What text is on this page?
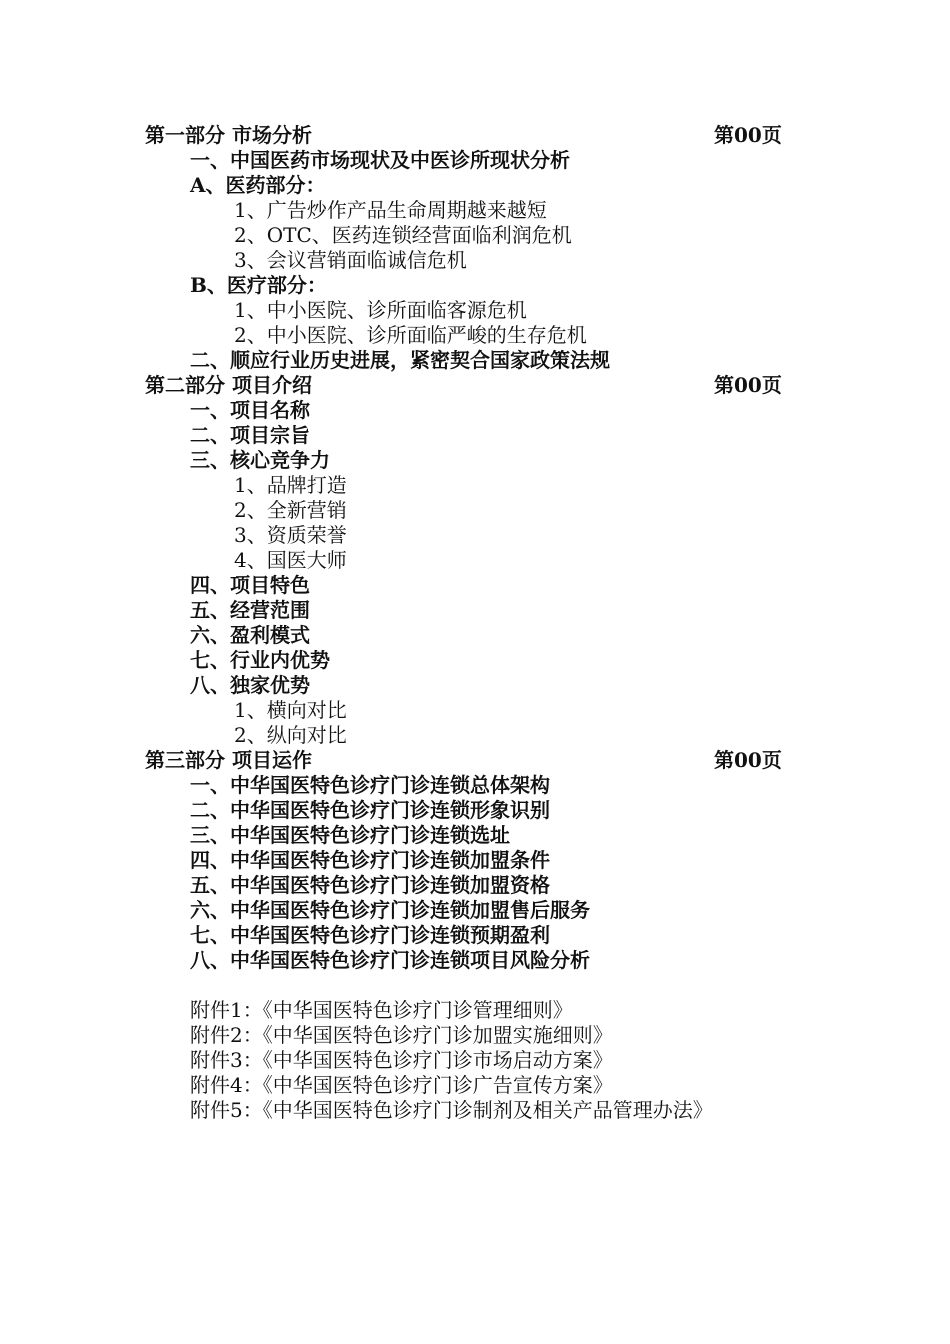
第一部分 市场分析	第00页
一、中国医药市场现状及中医诊所现状分析
A、医药部分：
1、广告炒作产品生命周期越来越短
2、OTC、医药连锁经营面临利润危机
3、会议营销面临诚信危机
B、医疗部分：
1、中小医院、诊所面临客源危机
2、中小医院、诊所面临严峻的生存危机
二、顺应行业历史进展，紧密契合国家政策法规
第二部分 项目介绍	第00页
一、项目名称
二、项目宗旨
三、核心竞争力
1、品牌打造
2、全新营销
3、资质荣誉
4、国医大师
四、项目特色
五、经营范围
六、盈利模式
七、行业内优势
八、独家优势
1、横向对比
2、纵向对比
第三部分 项目运作	第00页
一、中华国医特色诊疗门诊连锁总体架构
二、中华国医特色诊疗门诊连锁形象识别
三、中华国医特色诊疗门诊连锁选址
四、中华国医特色诊疗门诊连锁加盟条件
五、中华国医特色诊疗门诊连锁加盟资格
六、中华国医特色诊疗门诊连锁加盟售后服务
七、中华国医特色诊疗门诊连锁预期盈利
八、中华国医特色诊疗门诊连锁项目风险分析
附件1：《中华国医特色诊疗门诊管理细则》
附件2：《中华国医特色诊疗门诊加盟实施细则》
附件3：《中华国医特色诊疗门诊市场启动方案》
附件4：《中华国医特色诊疗门诊广告宣传方案》
附件5：《中华国医特色诊疗门诊制剂及相关产品管理办法》
